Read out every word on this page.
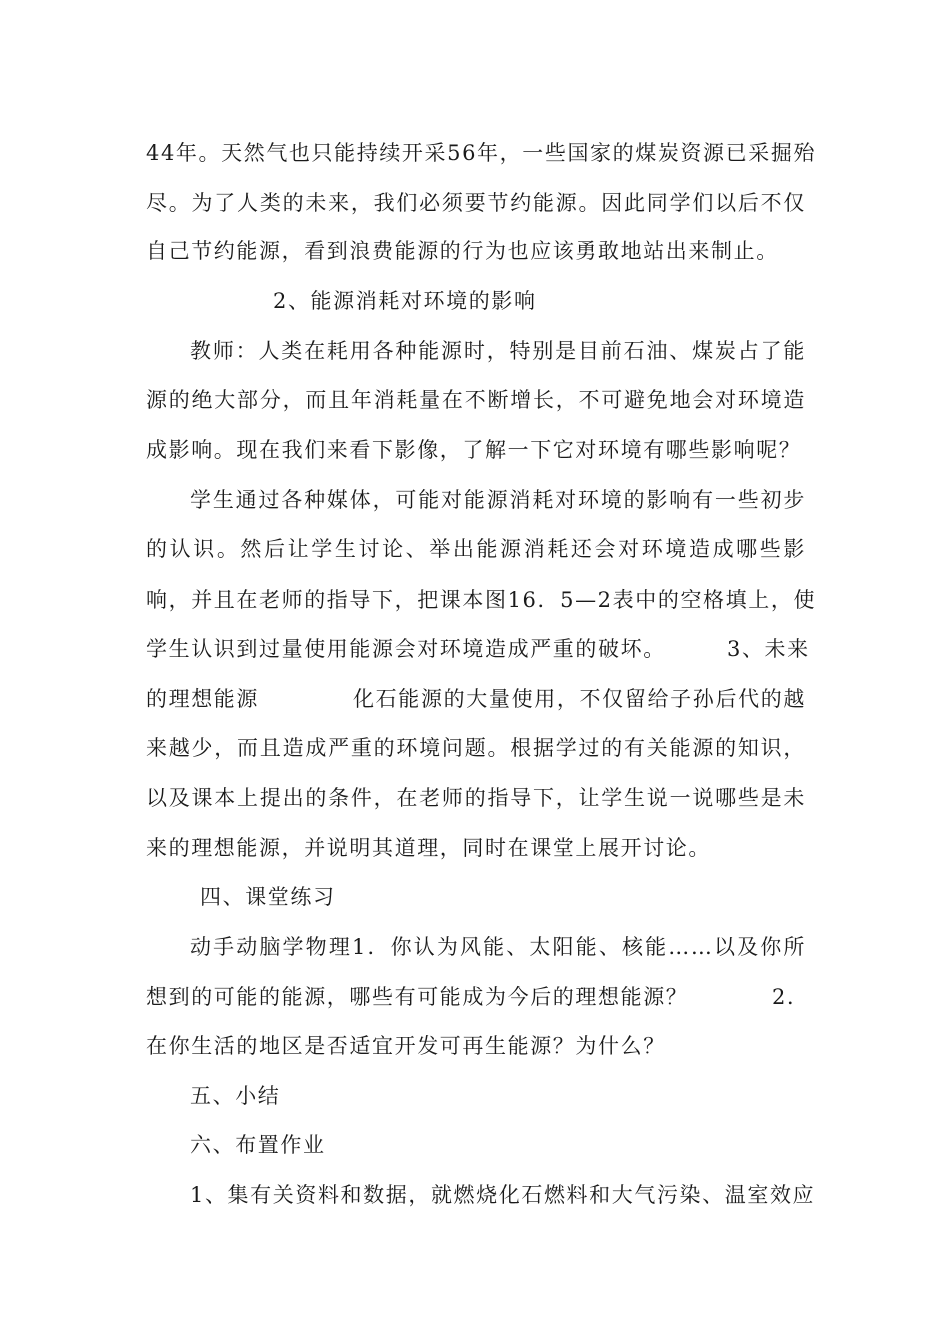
44年。天然气也只能持续开采56年，一些国家的煤炭资源已采掘殆
尽。为了人类的未来，我们必须要节约能源。因此同学们以后不仅
自己节约能源，看到浪费能源的行为也应该勇敢地站出来制止。
2、能源消耗对环境的影响
教师：人类在耗用各种能源时，特别是目前石油、煤炭占了能
源的绝大部分，而且年消耗量在不断增长，不可避免地会对环境造
成影响。现在我们来看下影像，了解一下它对环境有哪些影响呢？
学生通过各种媒体，可能对能源消耗对环境的影响有一些初步
的认识。然后让学生讨论、举出能源消耗还会对环境造成哪些影
响，并且在老师的指导下，把课本图16．5—2表中的空格填上，使
学生认识到过量使用能源会对环境造成严重的破坏。	3、未来
的理想能源	化石能源的大量使用，不仅留给子孙后代的越
来越少，而且造成严重的环境问题。根据学过的有关能源的知识，
以及课本上提出的条件，在老师的指导下，让学生说一说哪些是未
来的理想能源，并说明其道理，同时在课堂上展开讨论。
四、课堂练习
动手动脑学物理1．你认为风能、太阳能、核能……以及你所
想到的可能的能源，哪些有可能成为今后的理想能源？	2．
在你生活的地区是否适宜开发可再生能源？为什么？
五、小结
六、布置作业
1、集有关资料和数据，就燃烧化石燃料和大气污染、温室效应
